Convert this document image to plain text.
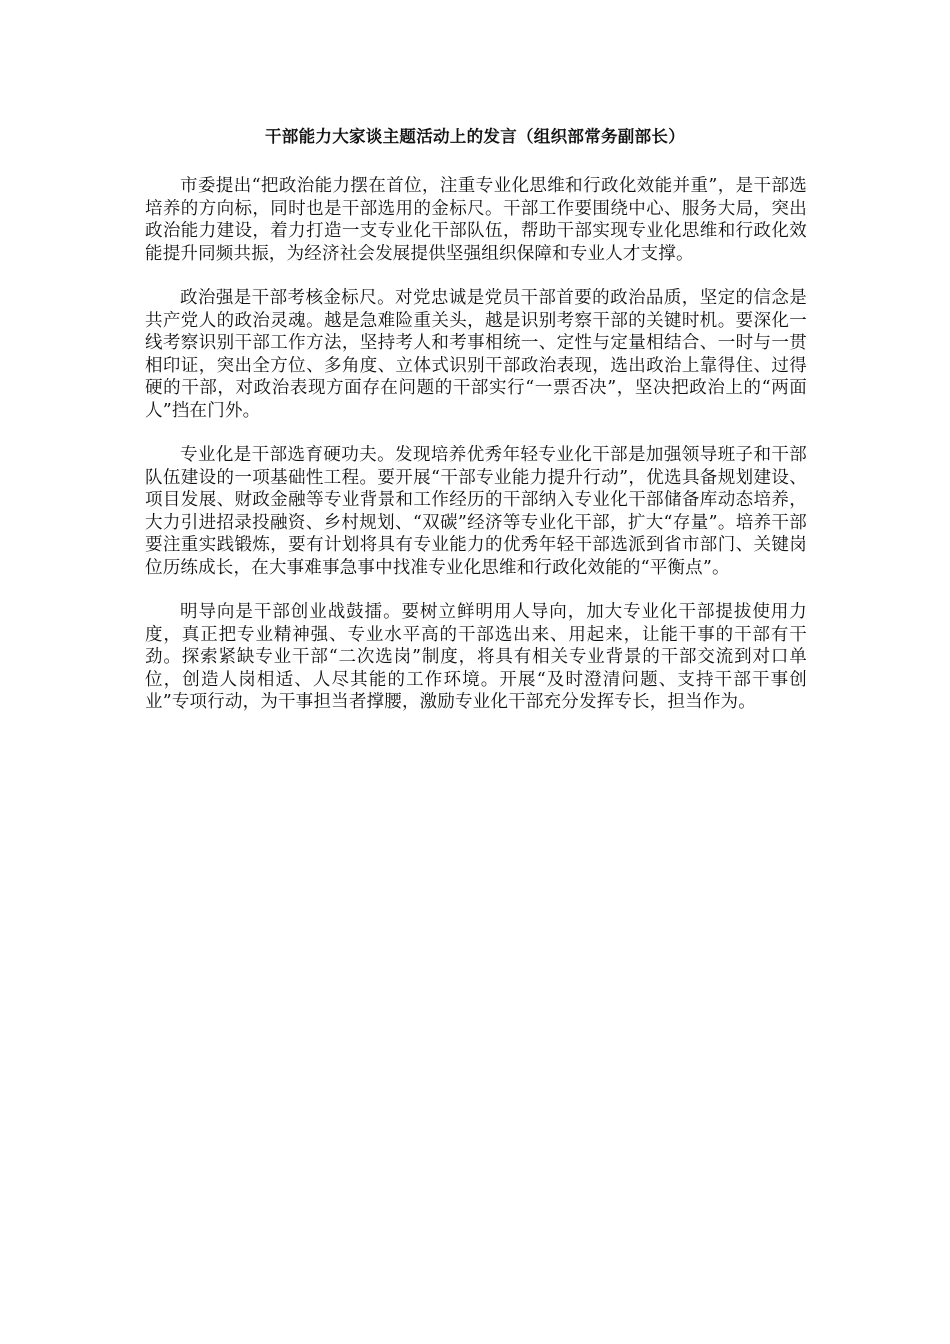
干部能力大家谈主题活动上的发言（组织部常务副部长）

市委提出“把政治能力摆在首位，注重专业化思维和行政化效能并重”，是干部选培养的方向标，同时也是干部选用的金标尺。干部工作要围绕中心、服务大局，突出政治能力建设，着力打造一支专业化干部队伍，帮助干部实现专业化思维和行政化效能提升同频共振，为经济社会发展提供坚强组织保障和专业人才支撑。

政治强是干部考核金标尺。对党忠诚是党员干部首要的政治品质，坚定的信念是共产党人的政治灵魂。越是急难险重关头，越是识别考察干部的关键时机。要深化一线考察识别干部工作方法，坚持考人和考事相统一、定性与定量相结合、一时与一贯相印证，突出全方位、多角度、立体式识别干部政治表现，选出政治上靠得住、过得硬的干部，对政治表现方面存在问题的干部实行“一票否决”，坚决把政治上的“两面人”挡在门外。

专业化是干部选育硬功夫。发现培养优秀年轻专业化干部是加强领导班子和干部队伍建设的一项基础性工程。要开展“干部专业能力提升行动”，优选具备规划建设、项目发展、财政金融等专业背景和工作经历的干部纳入专业化干部储备库动态培养，大力引进招录投融资、乡村规划、“双碳”经济等专业化干部，扩大“存量”。培养干部要注重实践锻炼，要有计划将具有专业能力的优秀年轻干部选派到省市部门、关键岗位历练成长，在大事难事急事中找准专业化思维和行政化效能的“平衡点”。

明导向是干部创业战鼓擂。要树立鲜明用人导向，加大专业化干部提拔使用力度，真正把专业精神强、专业水平高的干部选出来、用起来，让能干事的干部有干劲。探索紧缺专业干部“二次选岗”制度，将具有相关专业背景的干部交流到对口单位，创造人岗相适、人尽其能的工作环境。开展“及时澄清问题、支持干部干事创业”专项行动，为干事担当者撑腰，激励专业化干部充分发挥专长，担当作为。
